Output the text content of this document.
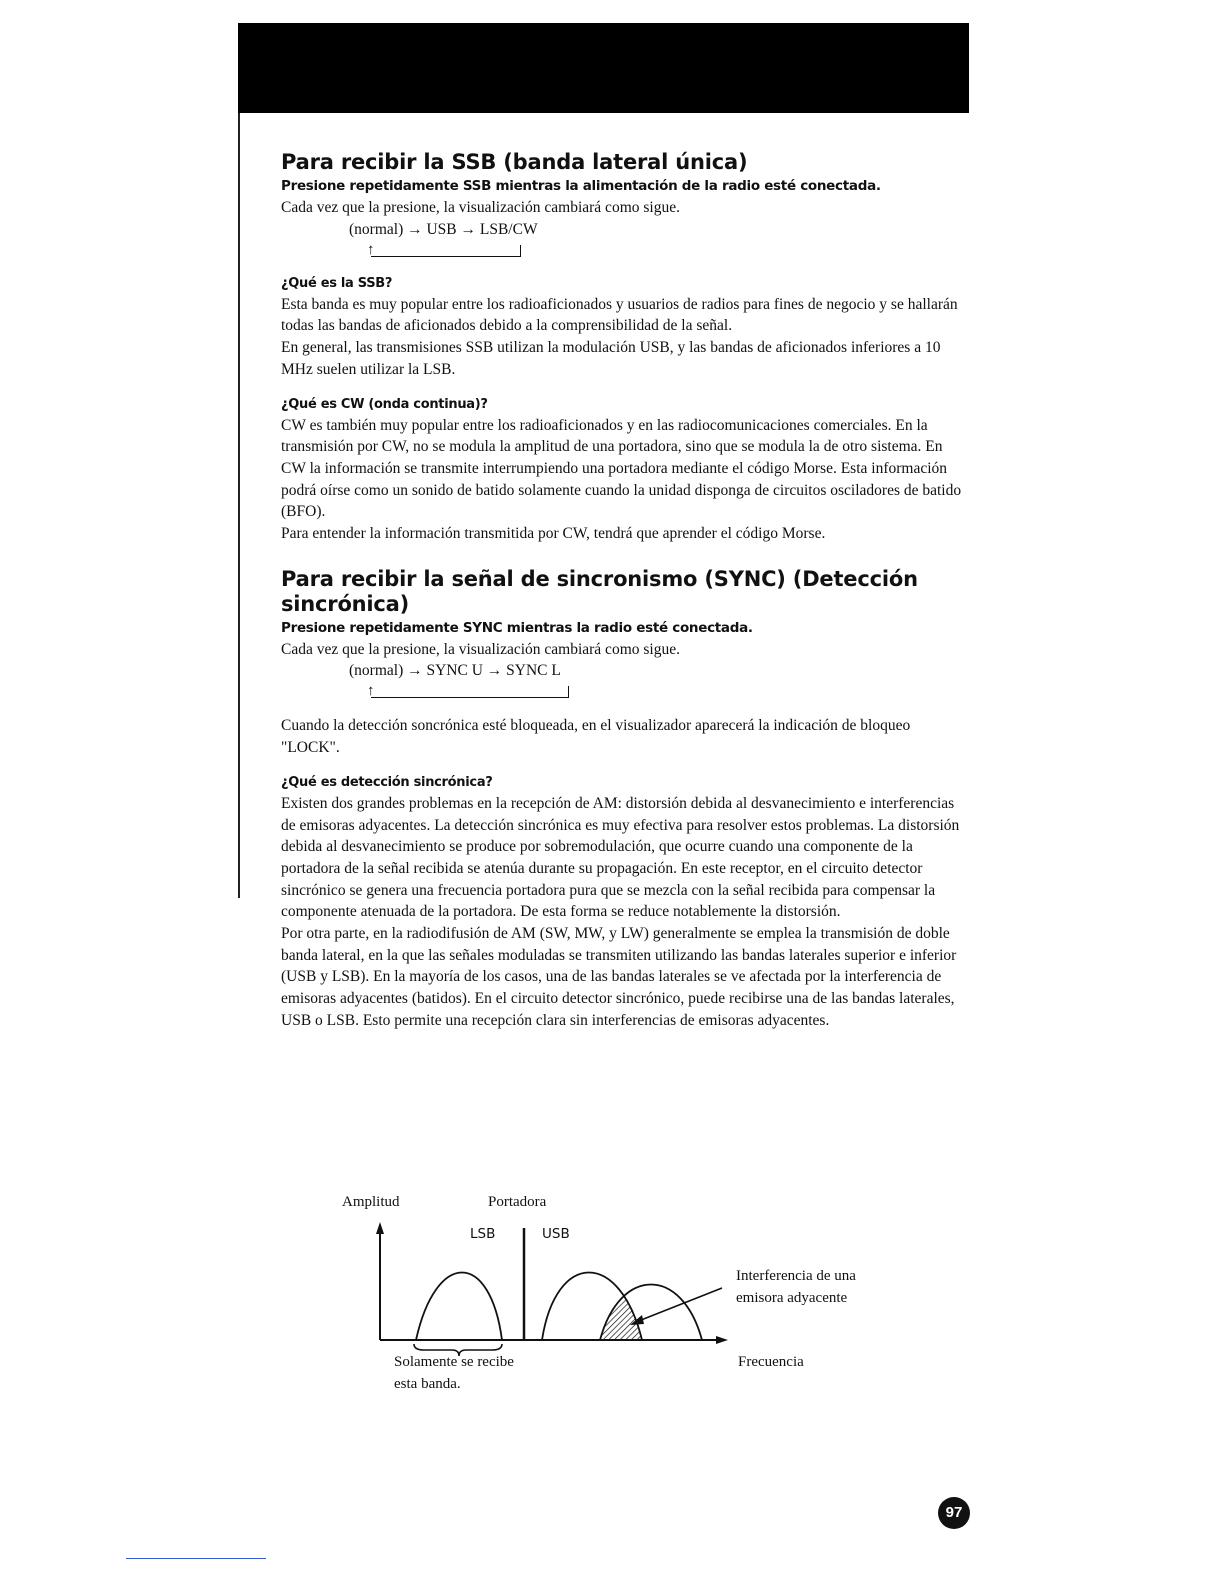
Para recibir la SSB (banda lateral única)
Presione repetidamente SSB mientras la alimentación de la radio esté conectada.

Cada vez que la presione, la visualización cambiará como sigue.

(normal) → USB → LSB/CW
↑
¿Qué es la SSB?

Esta banda es muy popular entre los radioaficionados y usuarios de radios para fines de negocio y se hallarán todas las bandas de aficionados debido a la comprensibilidad de la señal.

En general, las transmisiones SSB utilizan la modulación USB, y las bandas de aficionados inferiores a 10 MHz suelen utilizar la LSB.

¿Qué es CW (onda continua)?

CW es también muy popular entre los radioaficionados y en las radiocomunicaciones comerciales. En la transmisión por CW, no se modula la amplitud de una portadora, sino que se modula la de otro sistema. En CW la información se transmite interrumpiendo una portadora mediante el código Morse. Esta información podrá oírse como un sonido de batido solamente cuando la unidad disponga de circuitos osciladores de batido (BFO).

Para entender la información transmitida por CW, tendrá que aprender el código Morse.

Para recibir la señal de sincronismo (SYNC) (Detección sincrónica)
Presione repetidamente SYNC mientras la radio esté conectada.

Cada vez que la presione, la visualización cambiará como sigue.

(normal) → SYNC U → SYNC L
↑

Cuando la detección soncrónica esté bloqueada, en el visualizador aparecerá la indicación de bloqueo "LOCK".

¿Qué es detección sincrónica?

Existen dos grandes problemas en la recepción de AM: distorsión debida al desvanecimiento e interferencias de emisoras adyacentes. La detección sincrónica es muy efectiva para resolver estos problemas. La distorsión debida al desvanecimiento se produce por sobremodulación, que ocurre cuando una componente de la portadora de la señal recibida se atenúa durante su propagación. En este receptor, en el circuito detector sincrónico se genera una frecuencia portadora pura que se mezcla con la señal recibida para compensar la componente atenuada de la portadora. De esta forma se reduce notablemente la distorsión.

Por otra parte, en la radiodifusión de AM (SW, MW, y LW) generalmente se emplea la transmisión de doble banda lateral, en la que las señales moduladas se transmiten utilizando las bandas laterales superior e inferior (USB y LSB). En la mayoría de los casos, una de las bandas laterales se ve afectada por la interferencia de emisoras adyacentes (batidos). En el circuito detector sincrónico, puede recibirse una de las bandas laterales, USB o LSB. Esto permite una recepción clara sin interferencias de emisoras adyacentes.

Amplitud	Portadora
LSB	USB
Interferencia de una
emisora adyacente
Solamente se recibe
esta banda.
Frecuencia
97
